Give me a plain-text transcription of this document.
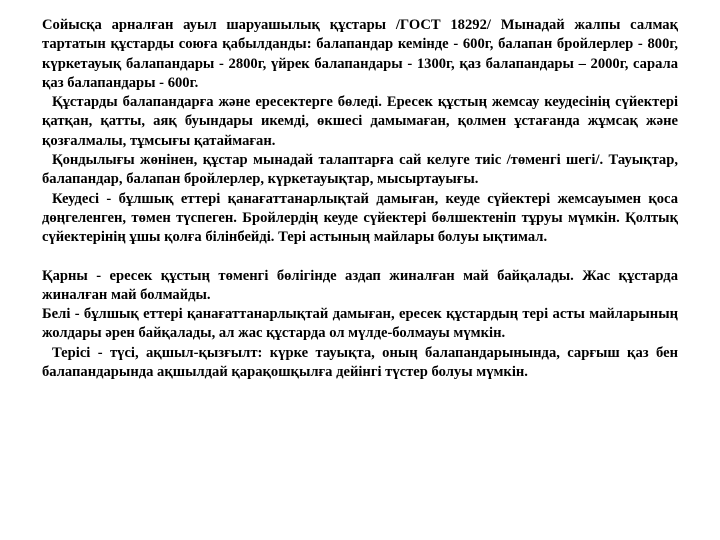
Сойысқа арналған ауыл шаруашылық құстары /ГОСТ 18292/ Мынадай жалпы салмақ тартатын құстарды союға қабылданды: балапандар кемінде - 600г, балапан бройлерлер - 800г, күркетауық балапандары - 2800г, үйрек балапандары - 1300г, қаз балапандары – 2000г, сарала қаз балапандары - 600г.

Құстарды балапандарға және ересектерге бөледі. Ересек құстың жемсау кеудесінің сүйектері қатқан, қатты, аяқ буындары икемді, өкшесі дамымаған, қолмен ұстағанда жұмсақ және қозғалмалы, тұмсығы қатаймаған.

Қондылығы жөнінен, құстар мынадай талаптарға сай келуге тиіс /төменгі шегі/. Тауықтар, балапандар, балапан бройлерлер, күркетауықтар, мысыртауығы.

Кеудесі - бұлшық еттері қанағаттанарлықтай дамыған, кеуде сүйектері жемсауымен қоса дөңгеленген, төмен түспеген. Бройлердің кеуде сүйектері бөлшектеніп тұруы мүмкін. Қолтық сүйектерінің ұшы қолға білінбейді. Тері астының майлары болуы ықтимал.

Қарны - ересек құстың төменгі бөлігінде аздап жиналған май байқалады. Жас құстарда жиналған май болмайды.

Белі - бұлшық еттері қанағаттанарлықтай дамыған, ересек құстардың тері асты майларының жолдары әрен байқалады, ал жас құстарда ол мүлде-болмауы мүмкін.

Терісі - түсі, ақшыл-қызғылт: күрке тауықта, оның балапандарынында, сарғыш қаз бен балапандарында ақшылдай қарақошқылға дейінгі түстер болуы мүмкін.
